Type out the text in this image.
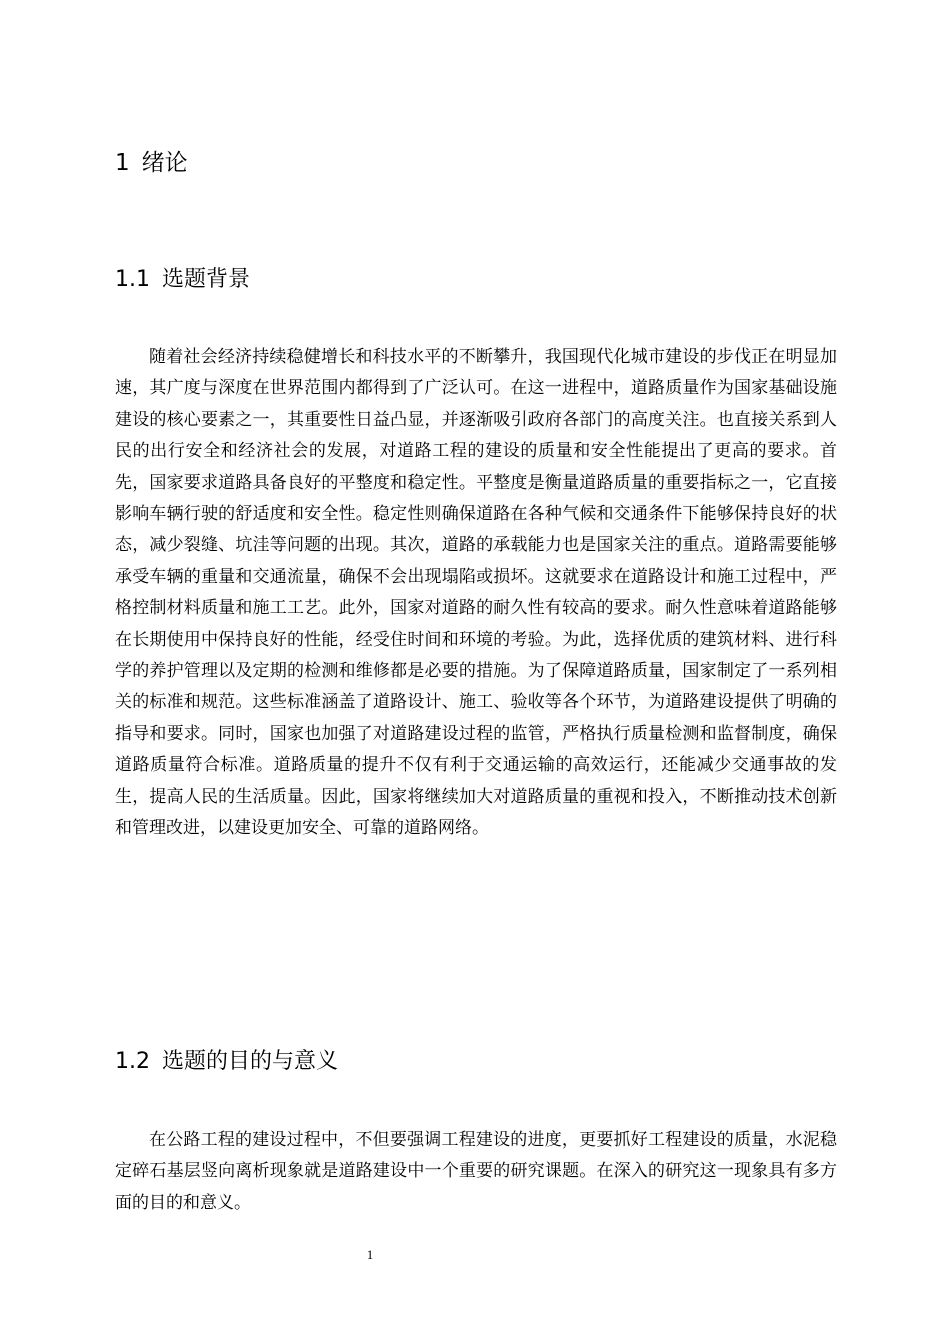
1 绪论
1.1 选题背景

随着社会经济持续稳健增长和科技水平的不断攀升，我国现代化城市建设的步伐正在明显加速，其广度与深度在世界范围内都得到了广泛认可。在这一进程中，道路质量作为国家基础设施建设的核心要素之一，其重要性日益凸显，并逐渐吸引政府各部门的高度关注。也直接关系到人民的出行安全和经济社会的发展，对道路工程的建设的质量和安全性能提出了更高的要求。首先，国家要求道路具备良好的平整度和稳定性。平整度是衡量道路质量的重要指标之一，它直接影响车辆行驶的舒适度和安全性。稳定性则确保道路在各种气候和交通条件下能够保持良好的状态，减少裂缝、坑洼等问题的出现。其次，道路的承载能力也是国家关注的重点。道路需要能够承受车辆的重量和交通流量，确保不会出现塌陷或损坏。这就要求在道路设计和施工过程中，严格控制材料质量和施工工艺。此外，国家对道路的耐久性有较高的要求。耐久性意味着道路能够在长期使用中保持良好的性能，经受住时间和环境的考验。为此，选择优质的建筑材料、进行科学的养护管理以及定期的检测和维修都是必要的措施。为了保障道路质量，国家制定了一系列相关的标准和规范。这些标准涵盖了道路设计、施工、验收等各个环节，为道路建设提供了明确的指导和要求。同时，国家也加强了对道路建设过程的监管，严格执行质量检测和监督制度，确保道路质量符合标准。道路质量的提升不仅有利于交通运输的高效运行，还能减少交通事故的发生，提高人民的生活质量。因此，国家将继续加大对道路质量的重视和投入，不断推动技术创新和管理改进，以建设更加安全、可靠的道路网络。

1.2 选题的目的与意义

在公路工程的建设过程中，不但要强调工程建设的进度，更要抓好工程建设的质量，水泥稳定碎石基层竖向离析现象就是道路建设中一个重要的研究课题。在深入的研究这一现象具有多方面的目的和意义。

1
